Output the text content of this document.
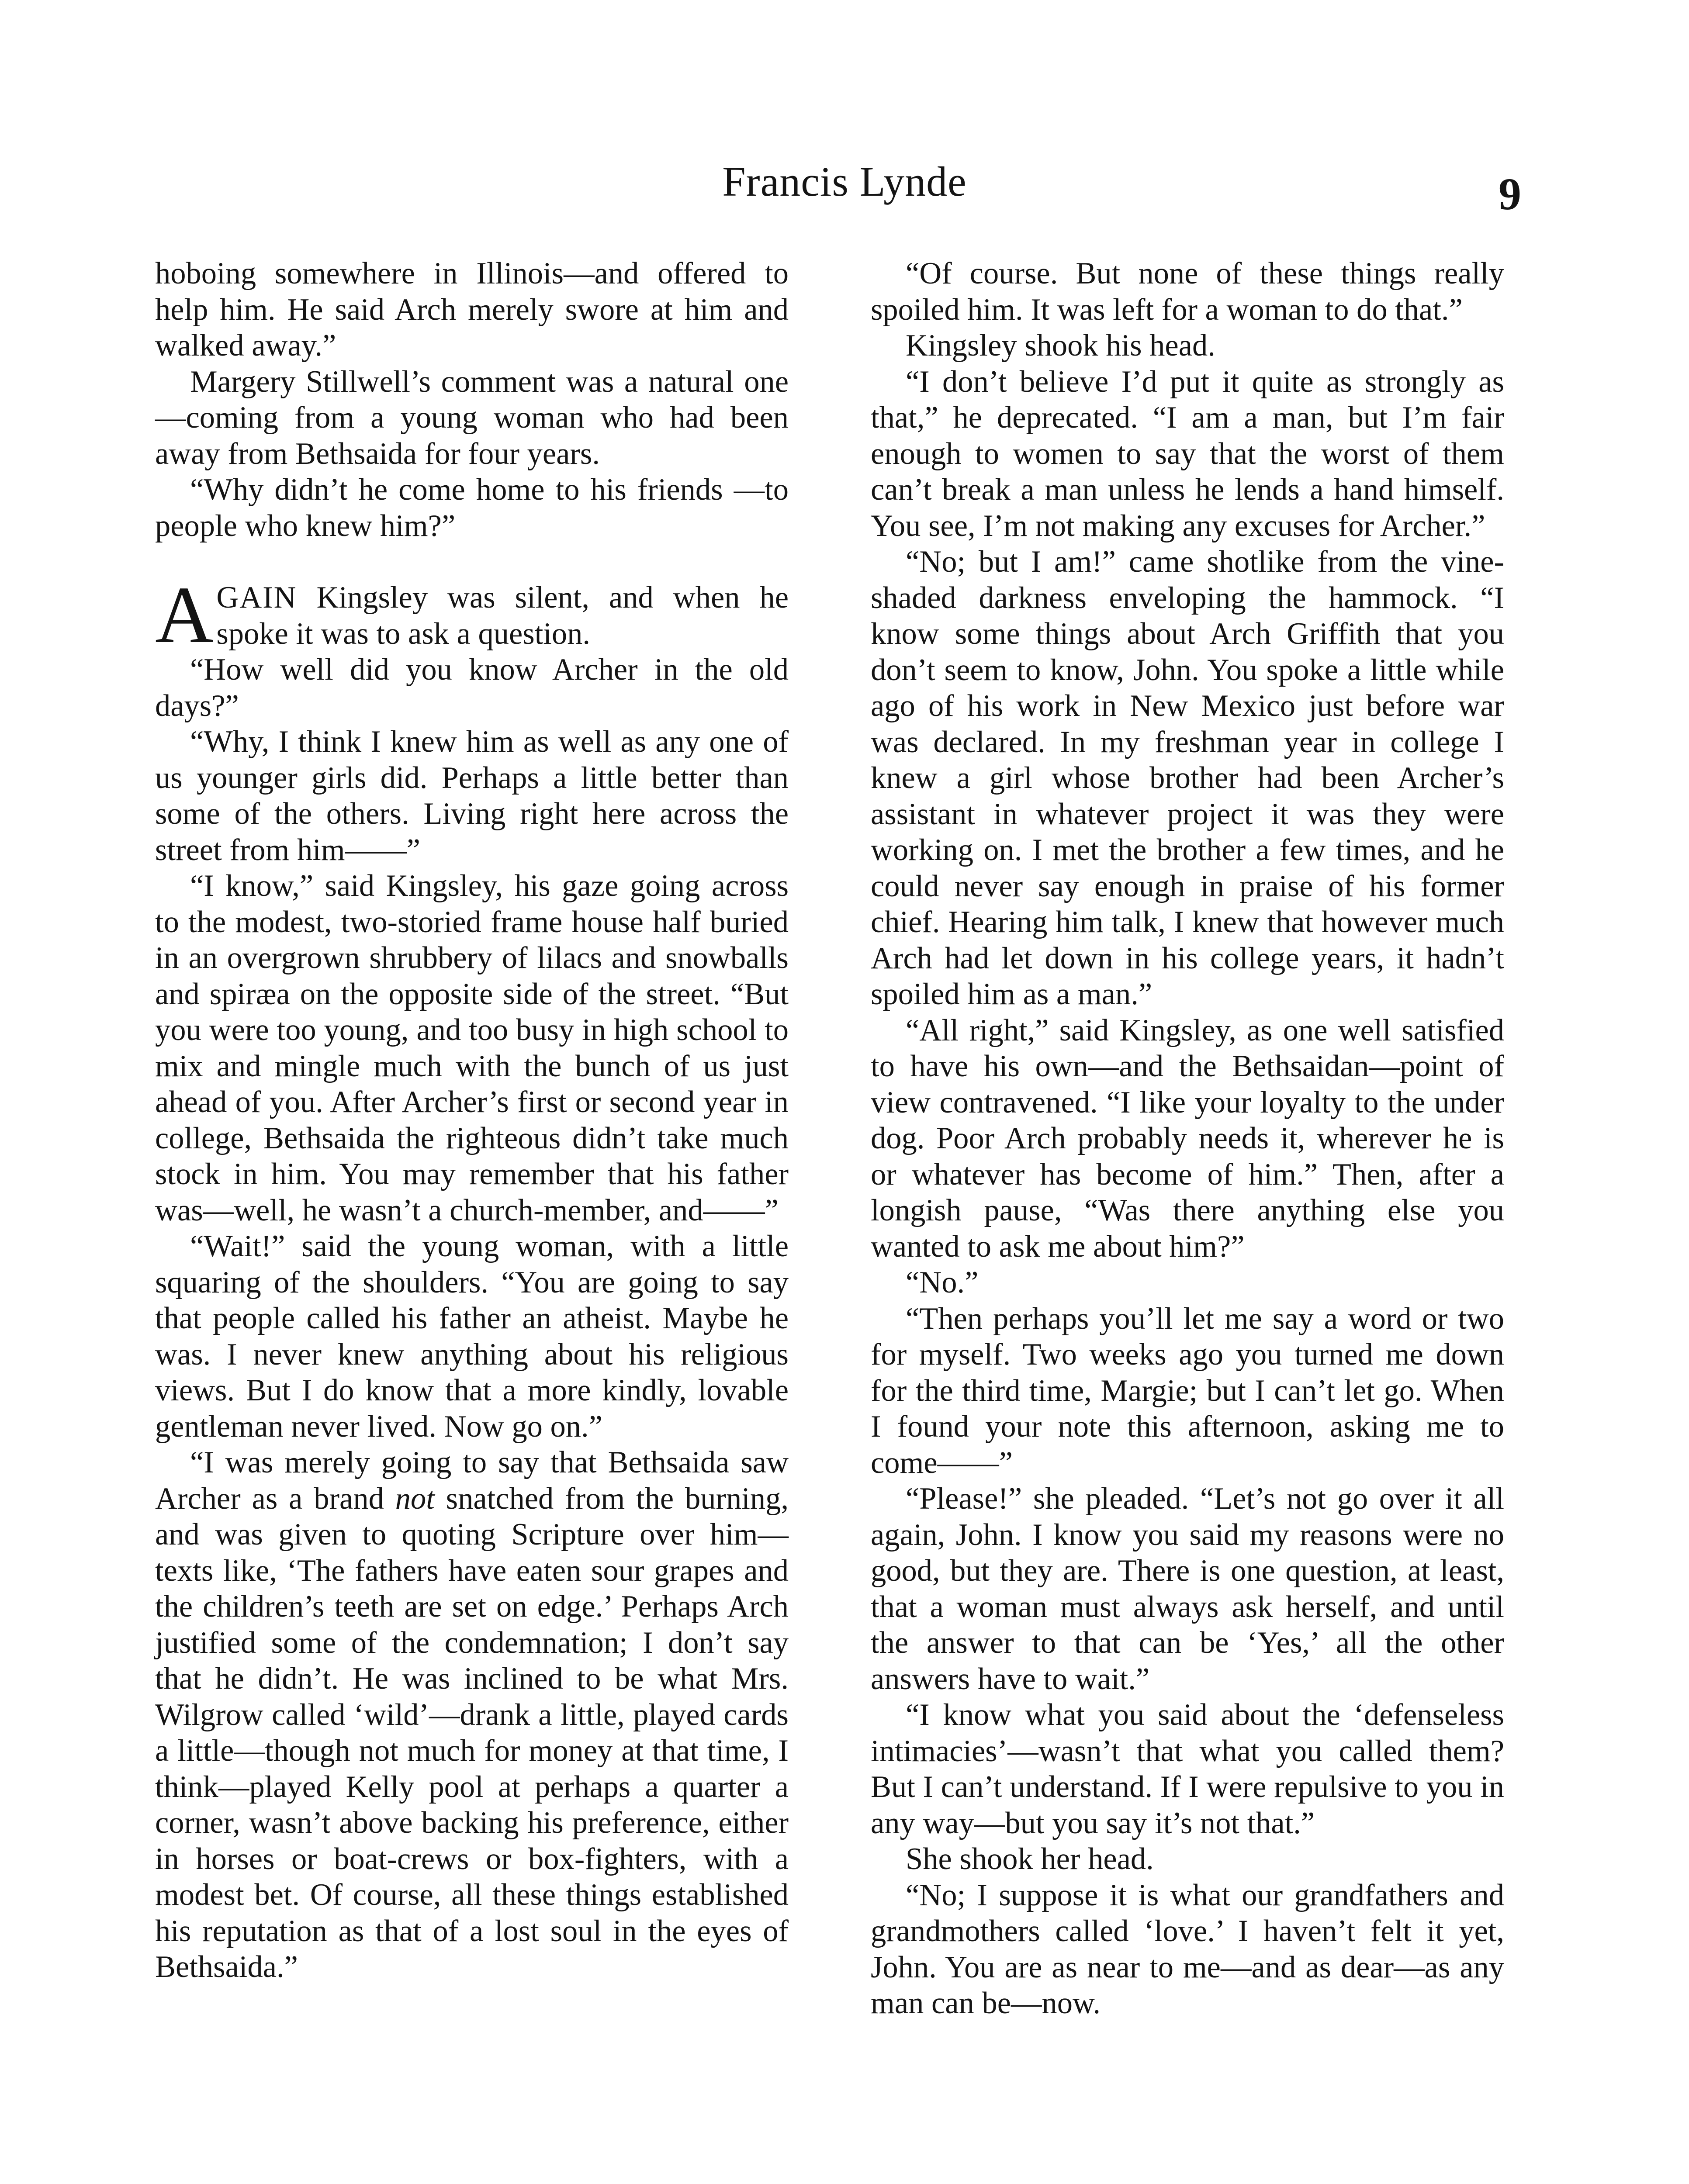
Francis Lynde	9

hoboing somewhere in Illinois—and offered to help him. He said Arch merely swore at him and walked away.”

Margery Stillwell’s comment was a natural one—coming from a young woman who had been away from Bethsaida for four years.

“Why didn’t he come home to his friends —to people who knew him?”

AGAIN Kingsley was silent, and when he spoke it was to ask a question.

“How well did you know Archer in the old days?”

“Why, I think I knew him as well as any one of us younger girls did. Perhaps a little better than some of the others. Living right here across the street from him——”

“I know,” said Kingsley, his gaze going across to the modest, two-storied frame house half buried in an overgrown shrubbery of lilacs and snowballs and spiræa on the opposite side of the street. “But you were too young, and too busy in high school to mix and mingle much with the bunch of us just ahead of you. After Archer’s first or second year in college, Bethsaida the righteous didn’t take much stock in him. You may remember that his father was—well, he wasn’t a church-member, and——”

“Wait!” said the young woman, with a little squaring of the shoulders. “You are going to say that people called his father an atheist. Maybe he was. I never knew anything about his religious views. But I do know that a more kindly, lovable gentleman never lived. Now go on.”

“I was merely going to say that Bethsaida saw Archer as a brand not snatched from the burning, and was given to quoting Scripture over him—texts like, ‘The fathers have eaten sour grapes and the children’s teeth are set on edge.’ Perhaps Arch justified some of the condemnation; I don’t say that he didn’t. He was inclined to be what Mrs. Wilgrow called ‘wild’—drank a little, played cards a little—though not much for money at that time, I think—played Kelly pool at perhaps a quarter a corner, wasn’t above backing his preference, either in horses or boat-crews or box-fighters, with a modest bet. Of course, all these things established his reputation as that of a lost soul in the eyes of Bethsaida.”

“Of course. But none of these things really spoiled him. It was left for a woman to do that.”

Kingsley shook his head.

“I don’t believe I’d put it quite as strongly as that,” he deprecated. “I am a man, but I’m fair enough to women to say that the worst of them can’t break a man unless he lends a hand himself. You see, I’m not making any excuses for Archer.”

“No; but I am!” came shotlike from the vine-shaded darkness enveloping the hammock. “I know some things about Arch Griffith that you don’t seem to know, John. You spoke a little while ago of his work in New Mexico just before war was declared. In my freshman year in college I knew a girl whose brother had been Archer’s assistant in whatever project it was they were working on. I met the brother a few times, and he could never say enough in praise of his former chief. Hearing him talk, I knew that however much Arch had let down in his college years, it hadn’t spoiled him as a man.”

“All right,” said Kingsley, as one well satisfied to have his own—and the Bethsaidan—point of view contravened. “I like your loyalty to the under dog. Poor Arch probably needs it, wherever he is or whatever has become of him.” Then, after a longish pause, “Was there anything else you wanted to ask me about him?”

“No.”

“Then perhaps you’ll let me say a word or two for myself. Two weeks ago you turned me down for the third time, Margie; but I can’t let go. When I found your note this afternoon, asking me to come——”

“Please!” she pleaded. “Let’s not go over it all again, John. I know you said my reasons were no good, but they are. There is one question, at least, that a woman must always ask herself, and until the answer to that can be ‘Yes,’ all the other answers have to wait.”

“I know what you said about the ‘defenseless intimacies’—wasn’t that what you called them? But I can’t understand. If I were repulsive to you in any way—but you say it’s not that.”

She shook her head.

“No; I suppose it is what our grandfathers and grandmothers called ‘love.’ I haven’t felt it yet, John. You are as near to me—and as dear—as any man can be—now.
